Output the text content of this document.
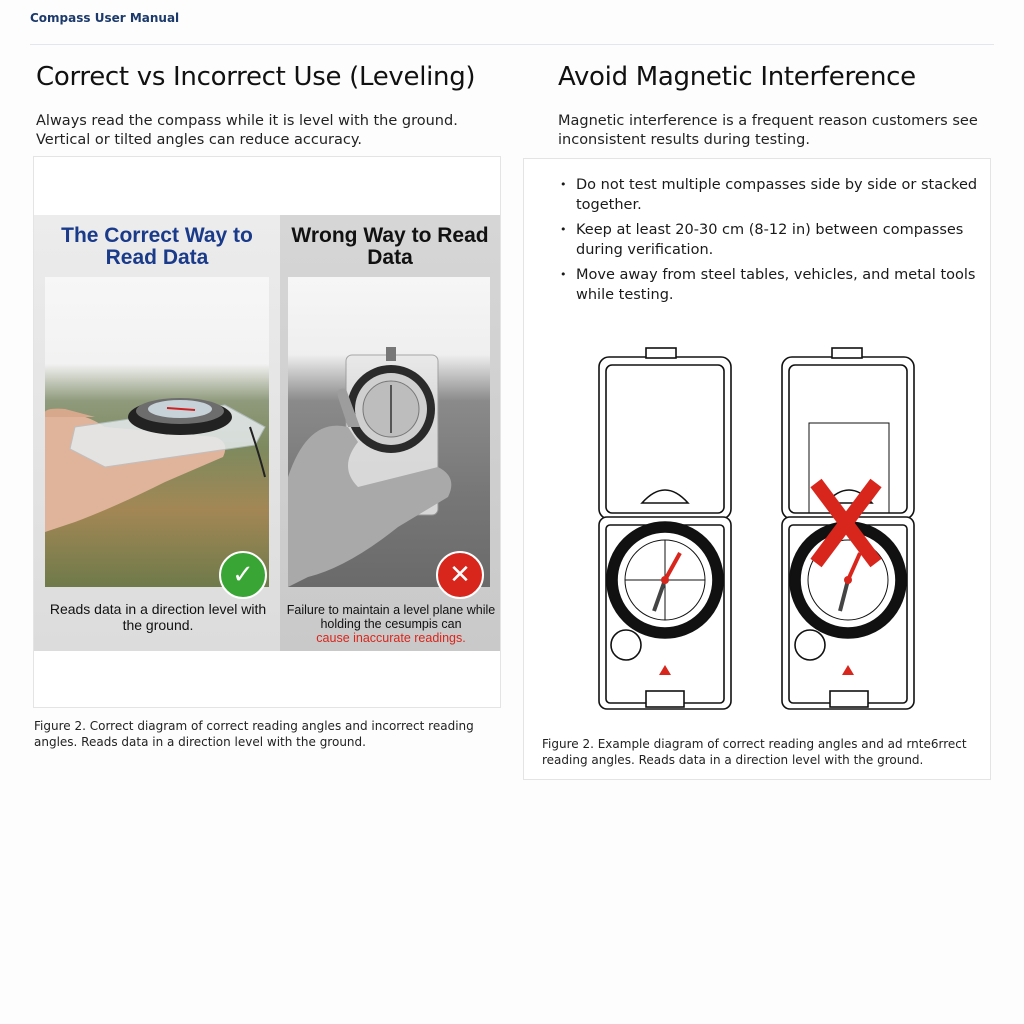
Compass User Manual
Correct vs Incorrect Use (Leveling)

Always read the compass while it is level with the ground. Vertical or tilted angles can reduce accuracy.

The Correct Way to Read Data
✓
Reads data in a direction level with the ground.
Wrong Way to Read Data
✕
Failure to maintain a level plane while holding the cesumpis can
cause inaccurate readings.
Figure 2. Correct diagram of correct reading angles and incorrect reading angles. Reads data in a direction level with the ground.
Avoid Magnetic Interference

Magnetic interference is a frequent reason customers see inconsistent results during testing.

• Do not test multiple compasses side by side or stacked together.
• Keep at least 20-30 cm (8-12 in) between compasses during verification.
• Move away from steel tables, vehicles, and metal tools while testing.
Figure 2. Example diagram of correct reading angles and ad rnte6rrect reading angles. Reads data in a direction level with the ground.
